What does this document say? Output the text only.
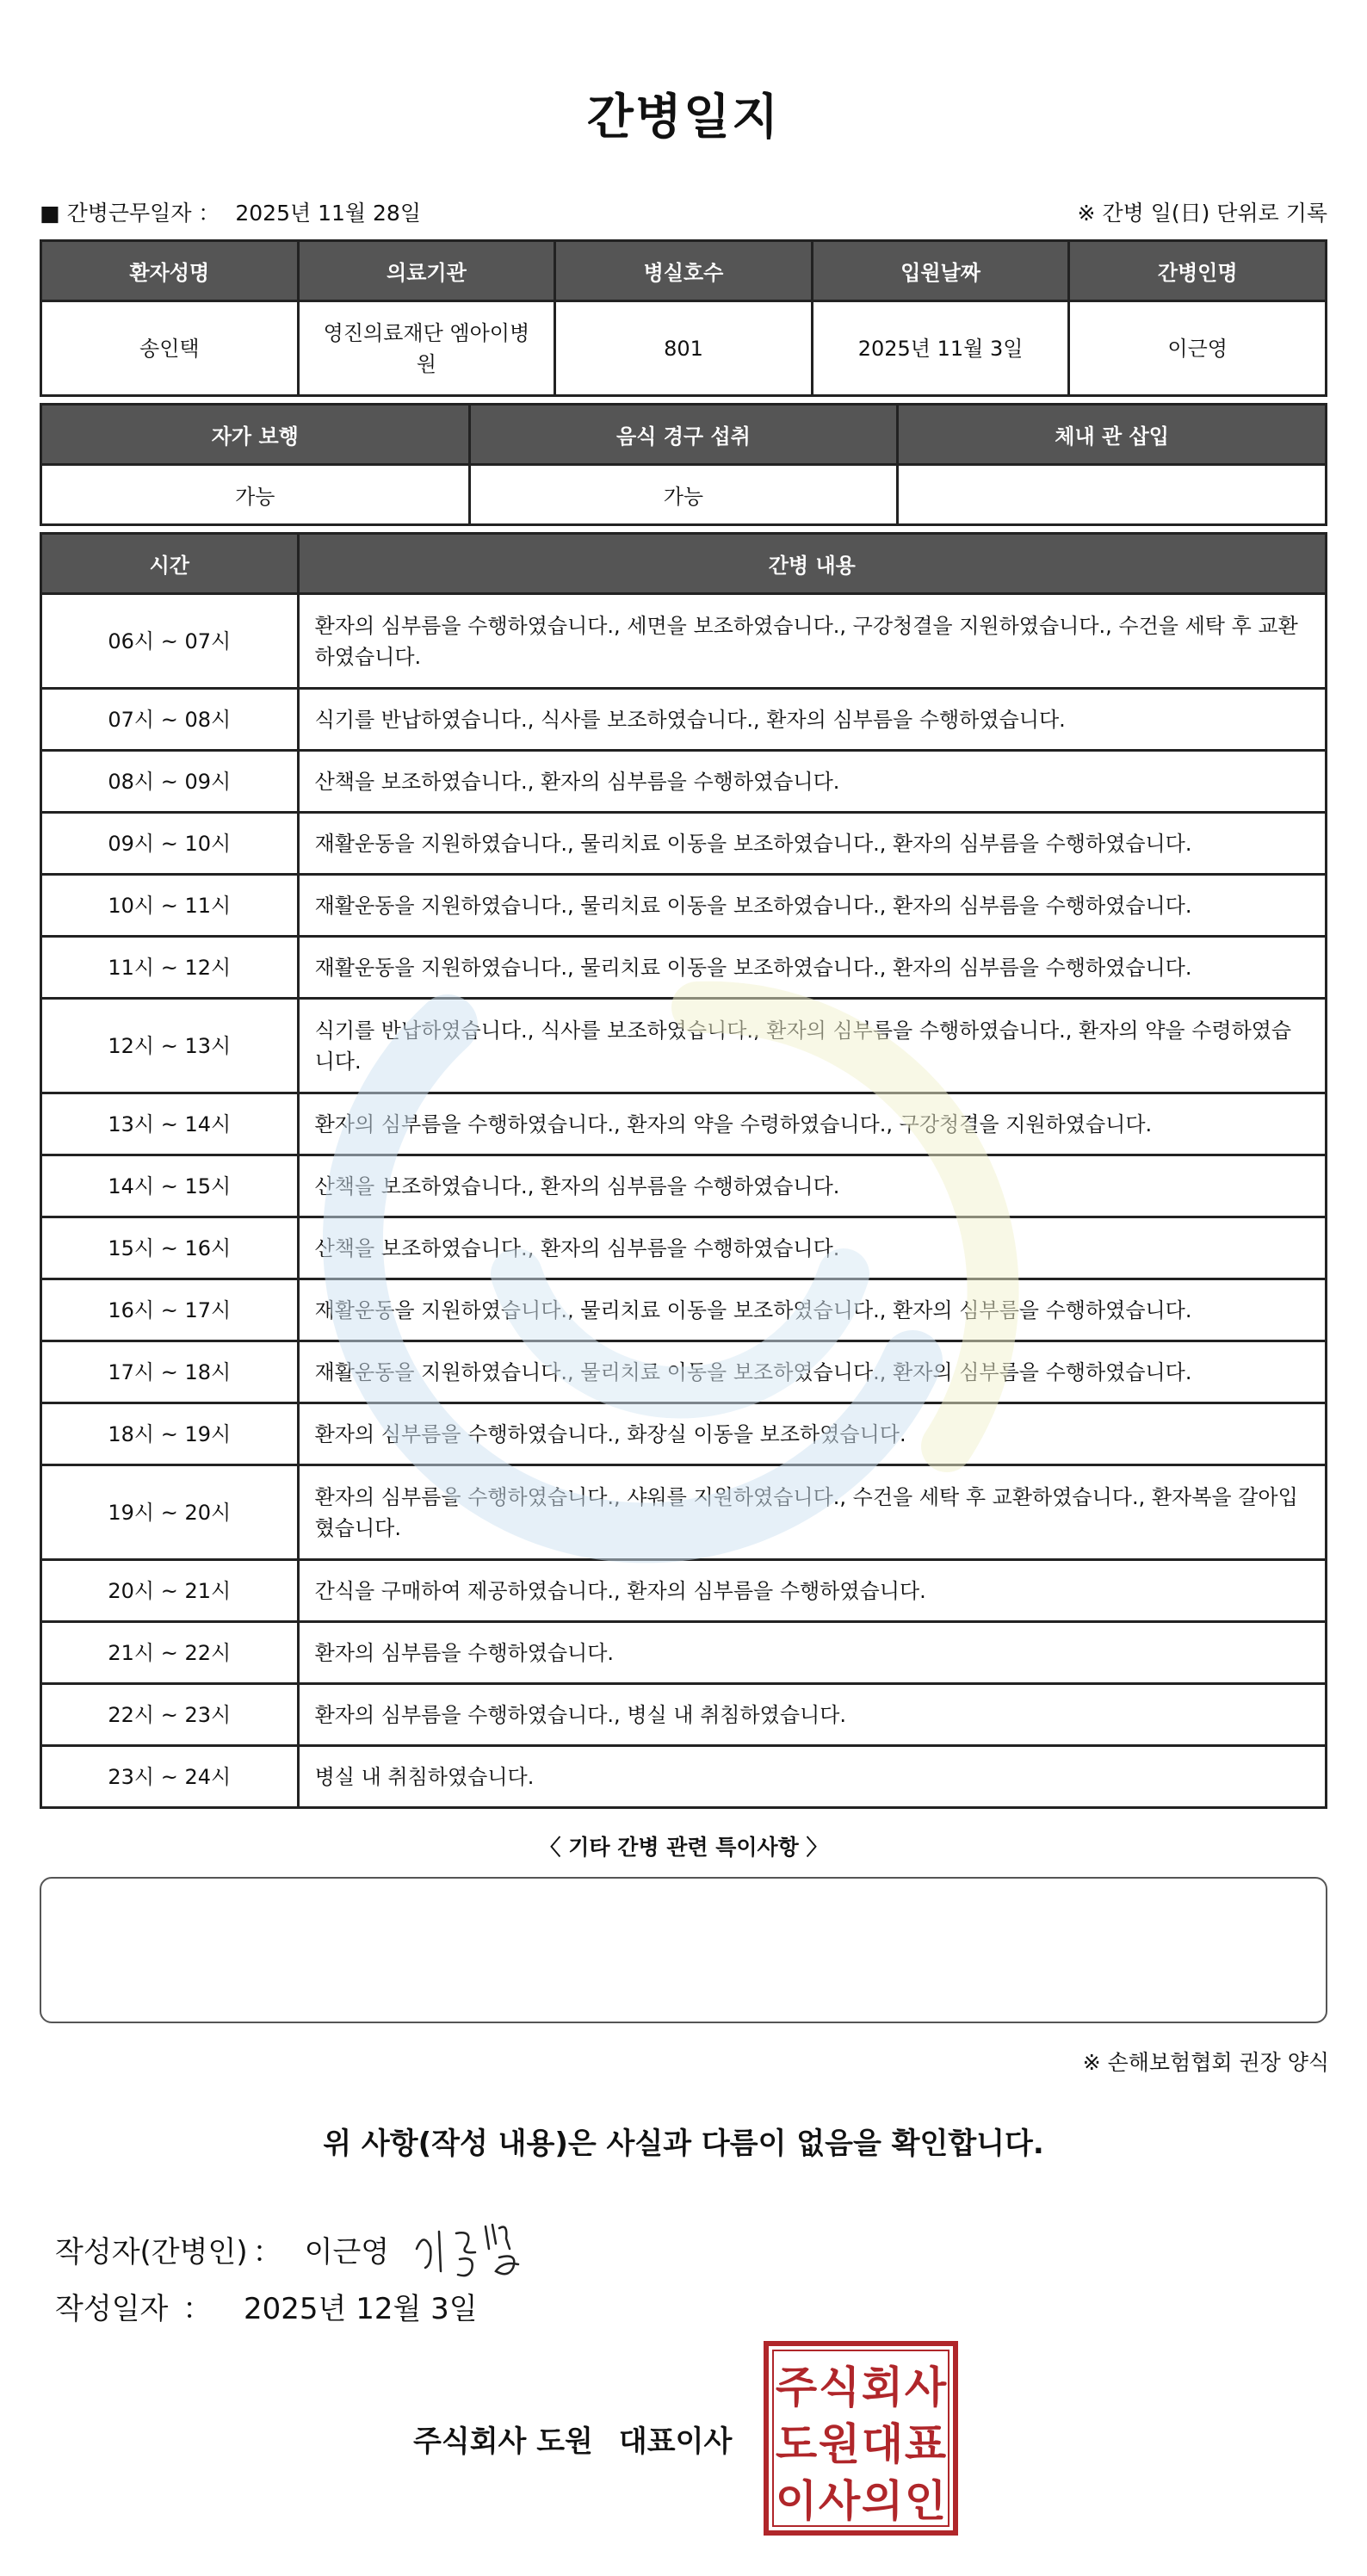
간병일지
■ 간병근무일자 ： 2025년 11월 28일	※ 간병 일(日) 단위로 기록
환자성명	의료기관	병실호수	입원날짜	간병인명
송인택	영진의료재단 엠아이병원	801	2025년 11월 3일	이근영
자가 보행	음식 경구 섭취	체내 관 삽입
가능	가능	
시간	간병 내용
06시 ~ 07시	환자의 심부름을 수행하였습니다., 세면을 보조하였습니다., 구강청결을 지원하였습니다., 수건을 세탁 후 교환하였습니다.
07시 ~ 08시	식기를 반납하였습니다., 식사를 보조하였습니다., 환자의 심부름을 수행하였습니다.
08시 ~ 09시	산책을 보조하였습니다., 환자의 심부름을 수행하였습니다.
09시 ~ 10시	재활운동을 지원하였습니다., 물리치료 이동을 보조하였습니다., 환자의 심부름을 수행하였습니다.
10시 ~ 11시	재활운동을 지원하였습니다., 물리치료 이동을 보조하였습니다., 환자의 심부름을 수행하였습니다.
11시 ~ 12시	재활운동을 지원하였습니다., 물리치료 이동을 보조하였습니다., 환자의 심부름을 수행하였습니다.
12시 ~ 13시	식기를 반납하였습니다., 식사를 보조하였습니다., 환자의 심부름을 수행하였습니다., 환자의 약을 수령하였습니다.
13시 ~ 14시	환자의 심부름을 수행하였습니다., 환자의 약을 수령하였습니다., 구강청결을 지원하였습니다.
14시 ~ 15시	산책을 보조하였습니다., 환자의 심부름을 수행하였습니다.
15시 ~ 16시	산책을 보조하였습니다., 환자의 심부름을 수행하였습니다.
16시 ~ 17시	재활운동을 지원하였습니다., 물리치료 이동을 보조하였습니다., 환자의 심부름을 수행하였습니다.
17시 ~ 18시	재활운동을 지원하였습니다., 물리치료 이동을 보조하였습니다., 환자의 심부름을 수행하였습니다.
18시 ~ 19시	환자의 심부름을 수행하였습니다., 화장실 이동을 보조하였습니다.
19시 ~ 20시	환자의 심부름을 수행하였습니다., 샤워를 지원하였습니다., 수건을 세탁 후 교환하였습니다., 환자복을 갈아입혔습니다.
20시 ~ 21시	간식을 구매하여 제공하였습니다., 환자의 심부름을 수행하였습니다.
21시 ~ 22시	환자의 심부름을 수행하였습니다.
22시 ~ 23시	환자의 심부름을 수행하였습니다., 병실 내 취침하였습니다.
23시 ~ 24시	병실 내 취침하였습니다.
〈 기타 간병 관련 특이사항 〉
※ 손해보험협회 권장 양식
위 사항(작성 내용)은 사실과 다름이 없음을 확인합니다.
작성자(간병인) ： 이근영
작성일자 ： 2025년 12월 3일
주식회사 도원 대표이사
주 식 회 사
도 원 대 표
이 사 의 인
